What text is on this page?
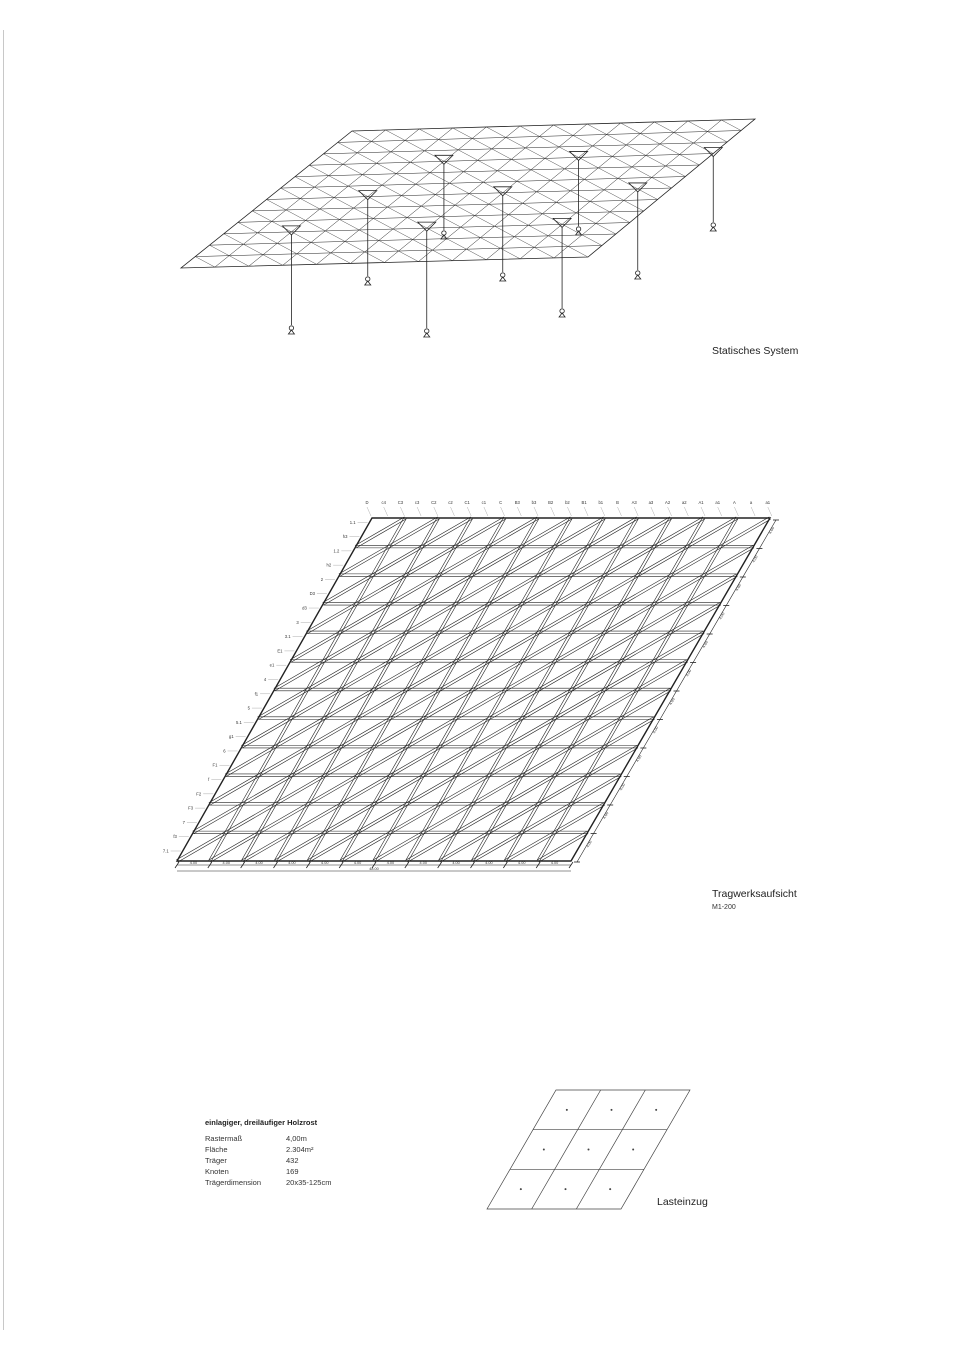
D	c4	C3	c3	C2	c2	C1	c1	C	B3	b3	B2	b2	B1	b1	B	A3	a3	A2	a2	A1	a1	A	a	a1
1.1
h3
1.2
h2
2
D3
d3
3
3.1
E1
e1
4
f1
5
5.1
g1
6
F1
f
F2
F3
7
f3
7.1
4.00	4.00	4.00	4.00	4.00	4.00	4.00	4.00	4.00	4.00	4.00	4.00
48.00
4.00
4.00
4.00
4.00
4.00
4.00
4.00
4.00
4.00
4.00
4.00
4.00
Statisches System
Tragwerksaufsicht
M1-200
Lasteinzug
einlagiger, dreiläufiger Holzrost
Rastermaß	4,00m
Fläche	2.304m²
Träger	432
Knoten	169
Trägerdimension	20x35-125cm
